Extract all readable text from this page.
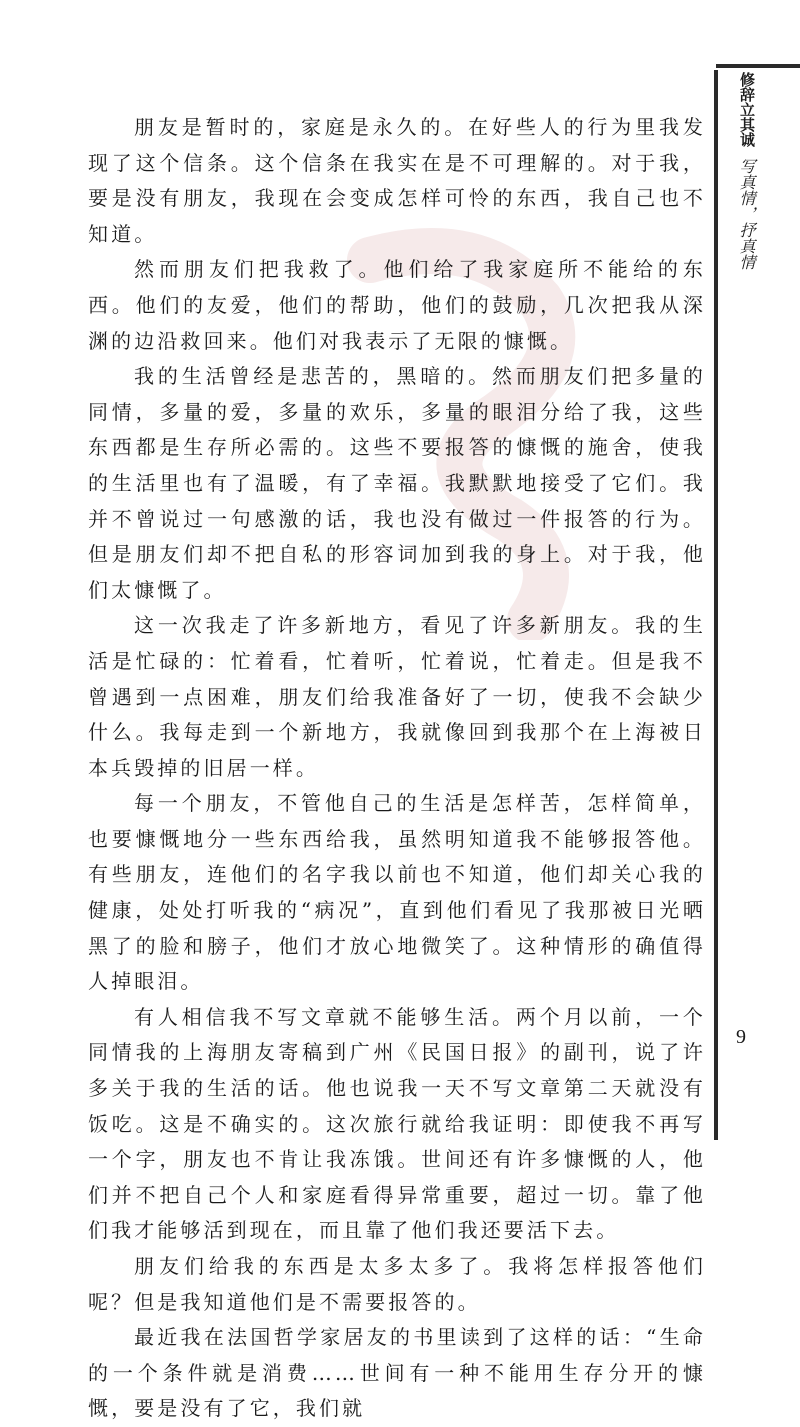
修辞立其诚
写真情，抒真情

朋友是暂时的，家庭是永久的。在好些人的行为里我发现了这个信条。这个信条在我实在是不可理解的。对于我，要是没有朋友，我现在会变成怎样可怜的东西，我自己也不知道。

然而朋友们把我救了。他们给了我家庭所不能给的东西。他们的友爱，他们的帮助，他们的鼓励，几次把我从深渊的边沿救回来。他们对我表示了无限的慷慨。

我的生活曾经是悲苦的，黑暗的。然而朋友们把多量的同情，多量的爱，多量的欢乐，多量的眼泪分给了我，这些东西都是生存所必需的。这些不要报答的慷慨的施舍，使我的生活里也有了温暖，有了幸福。我默默地接受了它们。我并不曾说过一句感激的话，我也没有做过一件报答的行为。但是朋友们却不把自私的形容词加到我的身上。对于我，他们太慷慨了。

这一次我走了许多新地方，看见了许多新朋友。我的生活是忙碌的：忙着看，忙着听，忙着说，忙着走。但是我不曾遇到一点困难，朋友们给我准备好了一切，使我不会缺少什么。我每走到一个新地方，我就像回到我那个在上海被日本兵毁掉的旧居一样。

每一个朋友，不管他自己的生活是怎样苦，怎样简单，也要慷慨地分一些东西给我，虽然明知道我不能够报答他。有些朋友，连他们的名字我以前也不知道，他们却关心我的健康，处处打听我的“病况”，直到他们看见了我那被日光晒黑了的脸和膀子，他们才放心地微笑了。这种情形的确值得人掉眼泪。

有人相信我不写文章就不能够生活。两个月以前，一个同情我的上海朋友寄稿到广州《民国日报》的副刊，说了许多关于我的生活的话。他也说我一天不写文章第二天就没有饭吃。这是不确实的。这次旅行就给我证明：即使我不再写一个字，朋友也不肯让我冻饿。世间还有许多慷慨的人，他们并不把自己个人和家庭看得异常重要，超过一切。靠了他们我才能够活到现在，而且靠了他们我还要活下去。

朋友们给我的东西是太多太多了。我将怎样报答他们呢？但是我知道他们是不需要报答的。

最近我在法国哲学家居友的书里读到了这样的话：“生命的一个条件就是消费……世间有一种不能用生存分开的慷慨，要是没有了它，我们就

9
